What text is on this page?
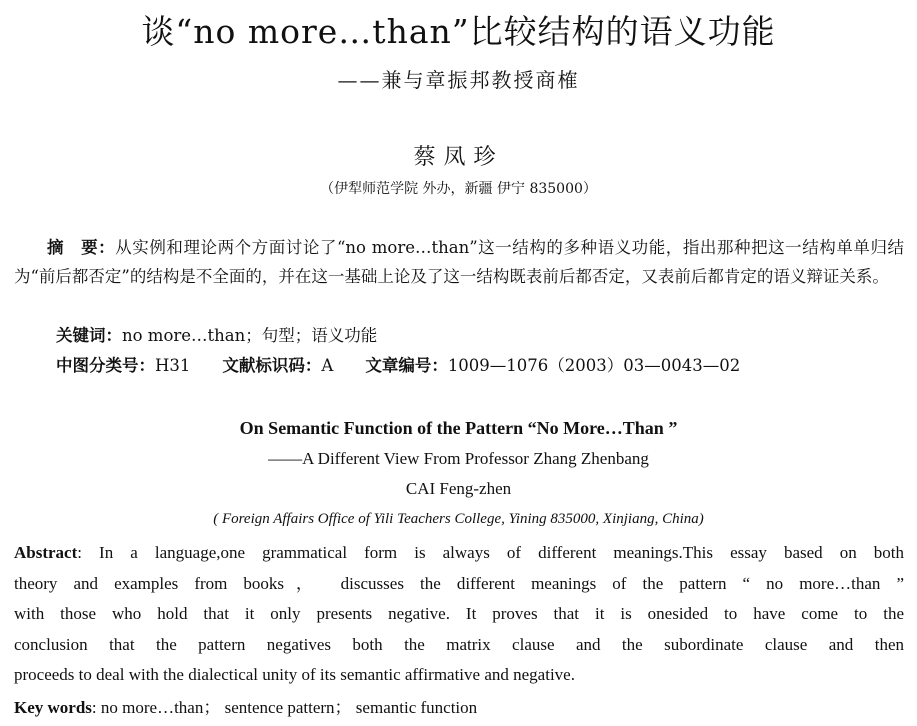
谈“no more…than”比较结构的语义功能
——兼与章振邦教授商榷
蔡凤珍
（伊犁师范学院 外办，新疆 伊宁 835000）
摘　要：从实例和理论两个方面讨论了“no more…than”这一结构的多种语义功能，指出那种把这一结构单单归结为“前后都否定”的结构是不全面的，并在这一基础上论及了这一结构既表前后都否定，又表前后都肯定的语义辩证关系。
关键词：no more…than；句型；语义功能
中图分类号：H31 文献标识码：A 文章编号：1009—1076（2003）03—0043—02
On Semantic Function of the Pattern “No More…Than ”
——A Different View From Professor Zhang Zhenbang
CAI Feng-zhen
( Foreign Affairs Office of Yili Teachers College, Yining 835000, Xinjiang, China)
Abstract: In a language,one grammatical form is always of different meanings.This essay based on both
theory and examples from books， discusses the different meanings of the pattern “ no more…than ”
with those who hold that it only presents negative. It proves that it is onesided to have come to the
conclusion that the pattern negatives both the matrix clause and the subordinate clause and then
proceeds to deal with the dialectical unity of its semantic affirmative and negative.
Key words: no more…than； sentence pattern； semantic function
